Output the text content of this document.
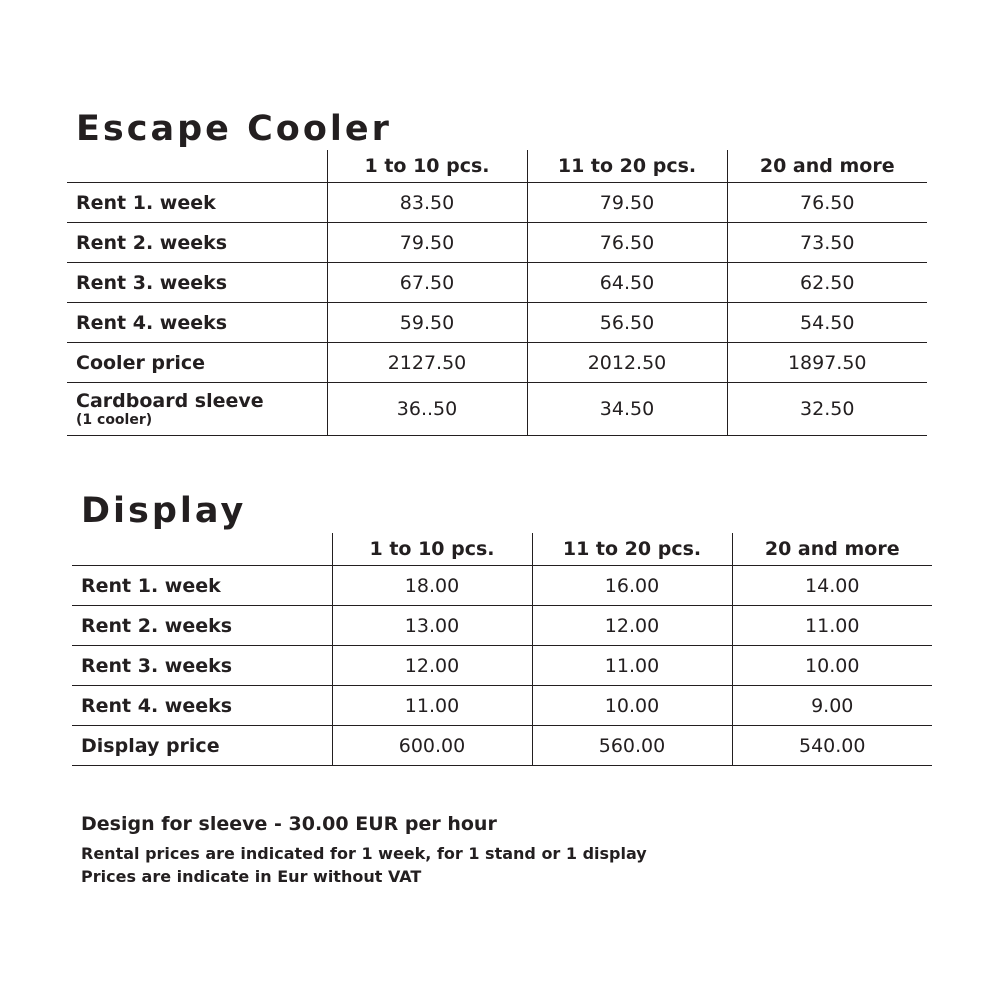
Escape Cooler
	1 to 10 pcs.	11 to 20 pcs.	20 and more
Rent 1. week	83.50	79.50	76.50
Rent 2. weeks	79.50	76.50	73.50
Rent 3. weeks	67.50	64.50	62.50
Rent 4. weeks	59.50	56.50	54.50
Cooler price	2127.50	2012.50	1897.50

Cardboard sleeve
(1 cooler)	36..50	34.50	32.50
Display
	1 to 10 pcs.	11 to 20 pcs.	20 and more
Rent 1. week	18.00	16.00	14.00
Rent 2. weeks	13.00	12.00	11.00
Rent 3. weeks	12.00	11.00	10.00
Rent 4. weeks	11.00	10.00	9.00
Display price	600.00	560.00	540.00

Design for sleeve - 30.00 EUR per hour

Rental prices are indicated for 1 week, for 1 stand or 1 display

Prices are indicate in Eur without VAT
